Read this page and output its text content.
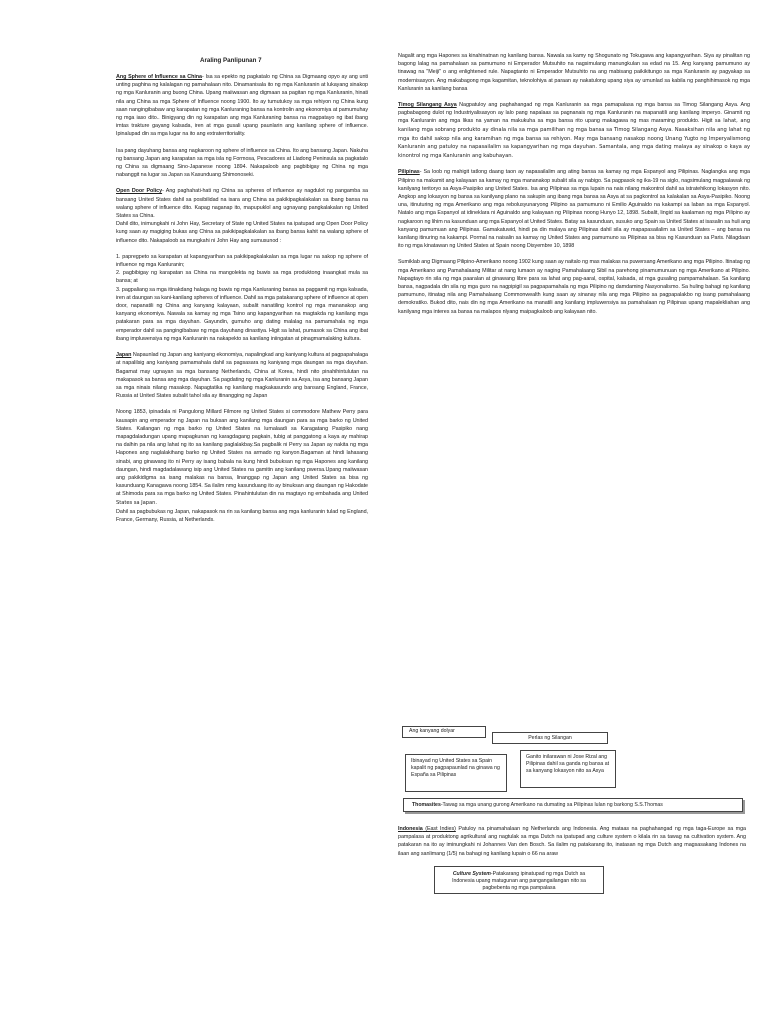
Araling Panlipunan 7

Ang Sphere of Influence sa China- Isa sa epekto ng pagkatalo ng China sa Digmaang opyo ay ang unti unting paghina ng kalalagan ng pamahalaan nito. Dinamanisala ito ng mga Kanluranin at lukayang sinakop ng mga Kanluranin ang buong China. Upang maiiwasan ang digmaan sa pagitan ng mga Kanluranin, hinati nila ang China sa mga Sphere of Influence noong 1900. Ito ay tumutukoy sa mga rehiyon ng China kung saan nangingibabaw ang karapatan ng mga Kanluraning bansa na kontrolin ang ekonomiya at pamumuhay ng mga iaso dito.. Binigyang din ng karapatan ang mga Kanluraning bansa na magpatayo ng ibat ibang imtas trakture gayang kalsada, iren at mga gusali upang paunlarin ang kanilang sphere of influence. Ipinalupad din sa mga lugar na ito ang extraterritoriality.

Isa pang dayuhang bansa ang nagkaroon ng sphere of influence sa China. Ito ang bansang Japan. Nakuha ng bansang Japan ang karapatan sa mga isla ng Formosa, Pescadores at Liadong Peninsula sa pagkatalo ng China sa digmaang Sino-Japanese noong 1894. Nakapaloob ang pagbibigay ng China ng mga nabanggit na lugar sa Japan sa Kasunduang Shimonoseki.

Open Door Policy- Ang paghahati-hati ng China sa spheres of influence ay nagdulot ng pangamba sa bansang United States dahil sa posibilidad na isara ang China sa pakikipagkalakalan sa ibang bansa na walang sphere of influence dito. Kapag naganap ito, mapupuklol ang ugnayang pangkalakalan ng United States sa China.

Dahil dito, inimungkahi ni John Hay, Secretary of State ng United States na ipatupad ang Open Door Policy kung saan ay magiging bukas ang China sa pakikipagkalakalan sa ibang bansa kahit na walang sphere of influence dito. Nakapaloob sa mungkahi ni John Hay ang sumusunod :

1. papregpeto sa karapatan at kapangyarihan sa pakikipagkalakalan sa mga lugar na sakop ng sphere of influence ng mga Kanluranin;

2. pagbibigay ng karapatan sa China na mangolekta ng buwis sa mga produktong inaangkat mula sa bansa; at

3. pagpaliang sa mga itinakdang halaga ng buwis ng mga Kanluraning bansa sa paggamit ng mga kalsada, iren at daungan sa kani-kanilang spheres of influence. Dahil sa mga patakarang sphere of influence at open door, napanatili ng China ang kanyang kalayaan, subalit nanatiling kontrol ng mga mananakop ang kanyang ekonomiya. Nawala sa kamay ng mga Tsino ang kapangyarihan na magtakda ng kanilang mga patakaran para sa mga dayuhan. Gayundin, gumuho ang dating malalag na pamamahala ng mga emperador dahil sa pangingibabaw ng mga dayuhang dinastiya. Higit sa lahat, pumasok sa China ang ibat ibang impluwensiya ng mga Kanluranin na nakapekto sa kanilang iniingatan at pinagmamalaking kultura.

Japan Napaunlad ng Japan ang kaniyang ekonomiya, napalingkad ang kaniyang kultura at pagpapahalaga at napalilsig ang kaniyang pamamahala dahil sa pagsasara ng kaniyang mga daungan sa mga dayuhan. Bagamat may ugnayan sa mga bansang Netherlands, China at Korea, hindi nito pinahihintulutan na makapasok sa bansa ang mga dayuhan. Sa pagdating ng mga Kanluranin sa Asya, isa ang bansang Japan sa mga ninais nilang masakop. Napagtatika ng kanilang magkakasundo ang bansang England, France, Russia at United States subalit tahol sila ay itinangging ng Japan

Noong 1853, ipinadala ni Pangulong Millard Filmore ng United States si commodore Mathew Perry para kausapin ang emperador ng Japan na buksan ang kanilang mga daungan para sa mga barko ng United States. Kailangan ng mga barko ng United States na lumalaadi sa Karagatang Pasipiko nang mapagdaladungan upang mapagkunan ng karagdagang pagkain, tubig at panggatong a kaya ay mahirap na dalhin pa nila ang lahat ng ito sa kanilang paglalakbay.Sa pagbalik ni Perry sa Japan ay nakita ng mga Hapones ang naglalakihang barko ng United States na armado ng kanyon.Bagaman at hindi lahasang sinabi, ang ginawang ito ni Perry ay isang babala na kung hindi bubuksan ng mga Hapones ang kanilang daungan, hindi magdadalawang isip ang United States na gamitin ang kanilang pwersa.Upang maiiwasan ang pakikidigma sa isang malakas na bansa, linanggap ng Japan ang United States sa bisa ng kasunduang Kanagawa noong 1854. Sa ilalim nmg kasunduang ito ay binuksan ang daungan ng Hakodate at Shimoda para sa mga barko ng United States. Pinahintulutan din na magtayo ng embahada ang United States sa Japan.

Dahil sa pagbubukas ng Japan, nakapasok na rin sa kanilang bansa ang mga kanluranin tulad ng England, France, Germany, Russia, at Netherlands.

Nagalit ang mga Hapones sa kinahinatnan ng kanilang bansa. Nawala sa kamy ng Shogunato ng Tokugawa ang kapangyarihan. Siya ay pinalitan ng bagong lalag na pamahalaan sa pamumuno ni Emperador Mutsuhito na nagsimulang manungkulan sa edad na 15. Ang kanyang pamumuno ay tinawag na "Meiji" o ang enlightened rule. Napagtanto ni Emperador Mutsuhito na ang mabisang paikikitungo sa mga Kanluranin ay pagyakap sa modernisasyon. Ang makabagong mga kagamitan, teknolohiya at paraan ay nakatulong upang siya ay umunlad sa kabila ng panghihimasok ng mga Kanluranin sa kanilang bansa

Timog Silangang Asya Nagpatuloy ang paghahangad ng mga Kanluranin sa mga pamapalasa ng mga bansa sa Timog Silangang Asya. Ang pagbabagong dulot ng Industriyalisasyon ay lalo pang napalaas sa pagnanais ng mga Kanluranin na mapanatili ang kanilang imperyo. Ginamit ng mga Kanluranin ang mga likas na yaman na makukuha sa mga bansa rito upang makagawa ng mas maraming produkto. Higit sa lahat, ang kanilang mga sobrang produkto ay dinala nila sa mga pamilihan ng mga bansa sa Timog Silangang Asya. Nasaksihan nila ang lahat ng mga ito dahil sakop nila ang karamihan ng mga bansa sa rehiyon. May mga bansang nasakop noong Unang Yugto ng Imperyalismong Kanluranin ang patuloy na napasailalim sa kapangyarihan ng mga dayuhan. Samantala, ang mga dating malaya ay sinakop o kaya ay kinontrol ng mga Kanluranin ang kabuhayan.

Pilipinas- Sa loob ng mahigit tatlong daang taon ay napasailalim ang ating bansa sa kamay ng mga Espanyol ang Pilipinas. Naglangka ang mga Pilipino na makamit ang kalayaan sa kamay ng mga mananakop subalit sila ay nabigo. Sa pagpasok ng ika-19 na siglo, nagsimulang magpalawak ng kanilyang teritoryo sa Asya-Pasipiko ang United States. Isa ang Pilipinas sa mga lupain na nais nilang makontrol dahil sa istratehikong lokasyon nito. Angkop ang lokasyon ng bansa sa kanilyang plano na sakupin ang ibang mga bansa sa Asya at sa pagkontrol sa kalakalan sa Asya-Pasipiko. Noong una, itinuturing ng mga Amerikano ang mga rebolusyunaryong Pilipino sa pamumuno ni Emilio Aguinaldo na kakampi sa laban sa mga Espanyol. Natalo ang mga Espanyol at idineklara ni Aguinaldo ang kalayaan ng Pilipinas noong Hunyo 12, 1898. Subalit, lingid sa kaalaman ng mga Pilipino ay nagkaroon ng lihim na kasunduan ang mga Espanyol at United States. Batay sa kasunduan, susuko ang Spain sa United States at isasalin sa huli ang kanyang pamumuan ang Pilipinas. Gamakatuwid, hindi pa din malaya ang Pilipinas dahil sila ay mapapasailalim sa United States – ang bansa na kanilang itinuring na kakampi. Pormal na naisalin sa kamay ng United States ang pamumuno sa Pilipinas sa bisa ng Kasunduan sa Paris. Nilagdaan ito ng mga kinatawan ng United States at Spain noong Disyembre 10, 1898

Sumiklab ang Digmaang Pilipino-Amerikano noong 1902 kung saan ay naitalo ng mas malakas na puwersang Amerikano ang mga Pilipino. Itinatag ng mga Amerikano ang Pamahalaang Militar at nang lumaon ay naging Pamahalaang Sibil na parehong pinamumunuan ng mga Amerikano at Pilipino. Napagtayo rin sila ng mga paaralan at ginawang libre para sa lahat ang pag-aaral, ospital, kalsada, at mga gusaling pampamahalaan. Sa kanilang bansa, nagpadala din sila ng mga guro na nagpipigil sa pagpapamahala ng mga Pilipino ng damdaming Nasyonalismo. Sa huling bahagi ng kanilang pamumuno, itinatag nila ang Pamahalaang Commonwealth kung saan ay sinanay nila ang mga Pilipino sa pagpapalakbo ng isang pamahalaang demokratiko. Bukod dito, nais din ng mga Amerikano na manatili ang kanilang impluwensiya sa pamahalaan ng Pilipinas upang mapalekliahan ang kanilyang mga interes sa bansa na malapos nlyang maipagkaloob ang kalayaan nito.

Ang kanyang dolyar
Perlas ng Silangan
Ibinayad ng United States sa Spain kapalit ng pagpapaunlad na ginawa ng España sa Pilipinas
Ganito inilarawan ni Jose Rizal ang Pilipinas dahil sa ganda ng bansa at sa kanyang lokasyon nito sa Asya
Thomasites-Tawag sa mga unang gurong Amerikano na dumating sa Pilipinas lulan ng barkong S.S.Thomas

Indonesia (East Indies) Patuloy na pinamahalaan ng Netherlands ang Indonesia. Ang mataas na paghahangad ng mga taga-Europe sa mga pampalasa at produktong agrikultural ang nagtulak sa mga Dutch na ipatupad ang culture system o kilala rin sa tawag na cultivation system. Ang patakaran na ito ay iminungkahi ni Johannes Van den Bosch. Sa ilalim ng patakarang ito, inatasan ng mga Dutch ang magsasakang Indones na ilaan ang sanlimang (1/5) na bahagi ng kanilang lupain o 66 na araw

Culture System-Patakarang ipinatupad ng mga Dutch sa Indonesia upang matugunan ang pangangailangan nito sa pagbebenta ng mga pampalasa
